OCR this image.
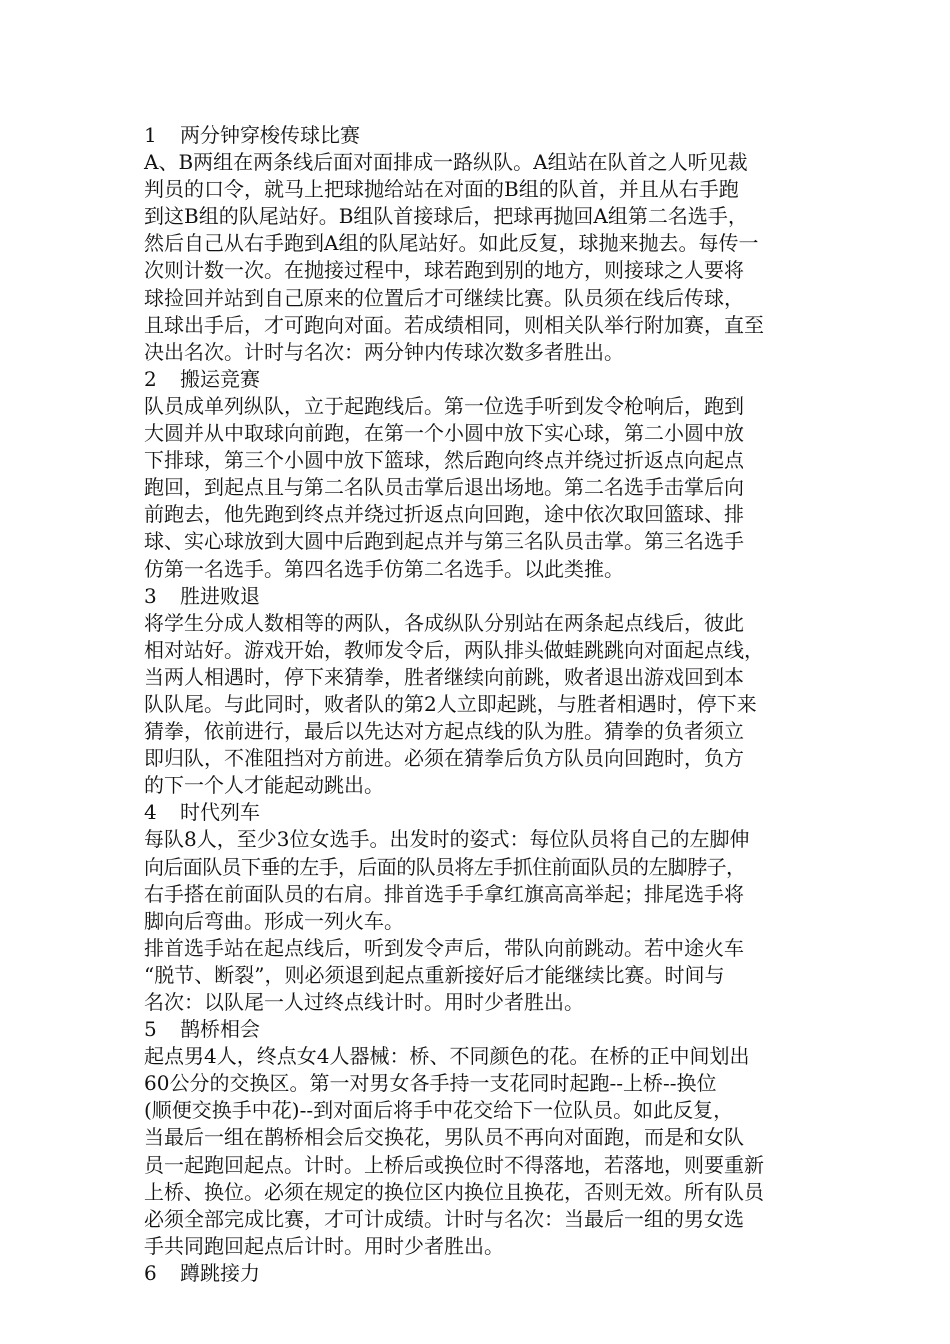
1 两分钟穿梭传球比赛
A、B两组在两条线后面对面排成一路纵队。A组站在队首之人听见裁
判员的口令，就马上把球抛给站在对面的B组的队首，并且从右手跑
到这B组的队尾站好。B组队首接球后，把球再抛回A组第二名选手，
然后自己从右手跑到A组的队尾站好。如此反复，球抛来抛去。每传一
次则计数一次。在抛接过程中，球若跑到别的地方，则接球之人要将
球捡回并站到自己原来的位置后才可继续比赛。队员须在线后传球，
且球出手后，才可跑向对面。若成绩相同，则相关队举行附加赛，直至
决出名次。计时与名次：两分钟内传球次数多者胜出。
2 搬运竞赛
队员成单列纵队，立于起跑线后。第一位选手听到发令枪响后，跑到
大圆并从中取球向前跑，在第一个小圆中放下实心球，第二小圆中放
下排球，第三个小圆中放下篮球，然后跑向终点并绕过折返点向起点
跑回，到起点且与第二名队员击掌后退出场地。第二名选手击掌后向
前跑去，他先跑到终点并绕过折返点向回跑，途中依次取回篮球、排
球、实心球放到大圆中后跑到起点并与第三名队员击掌。第三名选手
仿第一名选手。第四名选手仿第二名选手。以此类推。
3 胜进败退
将学生分成人数相等的两队，各成纵队分别站在两条起点线后，彼此
相对站好。游戏开始，教师发令后，两队排头做蛙跳跳向对面起点线，
当两人相遇时，停下来猜拳，胜者继续向前跳，败者退出游戏回到本
队队尾。与此同时，败者队的第2人立即起跳，与胜者相遇时，停下来
猜拳，依前进行，最后以先达对方起点线的队为胜。猜拳的负者须立
即归队，不准阻挡对方前进。必须在猜拳后负方队员向回跑时，负方
的下一个人才能起动跳出。
4 时代列车
每队8人，至少3位女选手。出发时的姿式：每位队员将自己的左脚伸
向后面队员下垂的左手，后面的队员将左手抓住前面队员的左脚脖子，
右手搭在前面队员的右肩。排首选手手拿红旗高高举起；排尾选手将
脚向后弯曲。形成一列火车。
排首选手站在起点线后，听到发令声后，带队向前跳动。若中途火车
“脱节、断裂”，则必须退到起点重新接好后才能继续比赛。时间与
名次：以队尾一人过终点线计时。用时少者胜出。
5 鹊桥相会
起点男4人，终点女4人器械：桥、不同颜色的花。在桥的正中间划出
60公分的交换区。第一对男女各手持一支花同时起跑--上桥--换位
(顺便交换手中花)--到对面后将手中花交给下一位队员。如此反复，
当最后一组在鹊桥相会后交换花，男队员不再向对面跑，而是和女队
员一起跑回起点。计时。上桥后或换位时不得落地，若落地，则要重新
上桥、换位。必须在规定的换位区内换位且换花，否则无效。所有队员
必须全部完成比赛，才可计成绩。计时与名次：当最后一组的男女选
手共同跑回起点后计时。用时少者胜出。
6 蹲跳接力
